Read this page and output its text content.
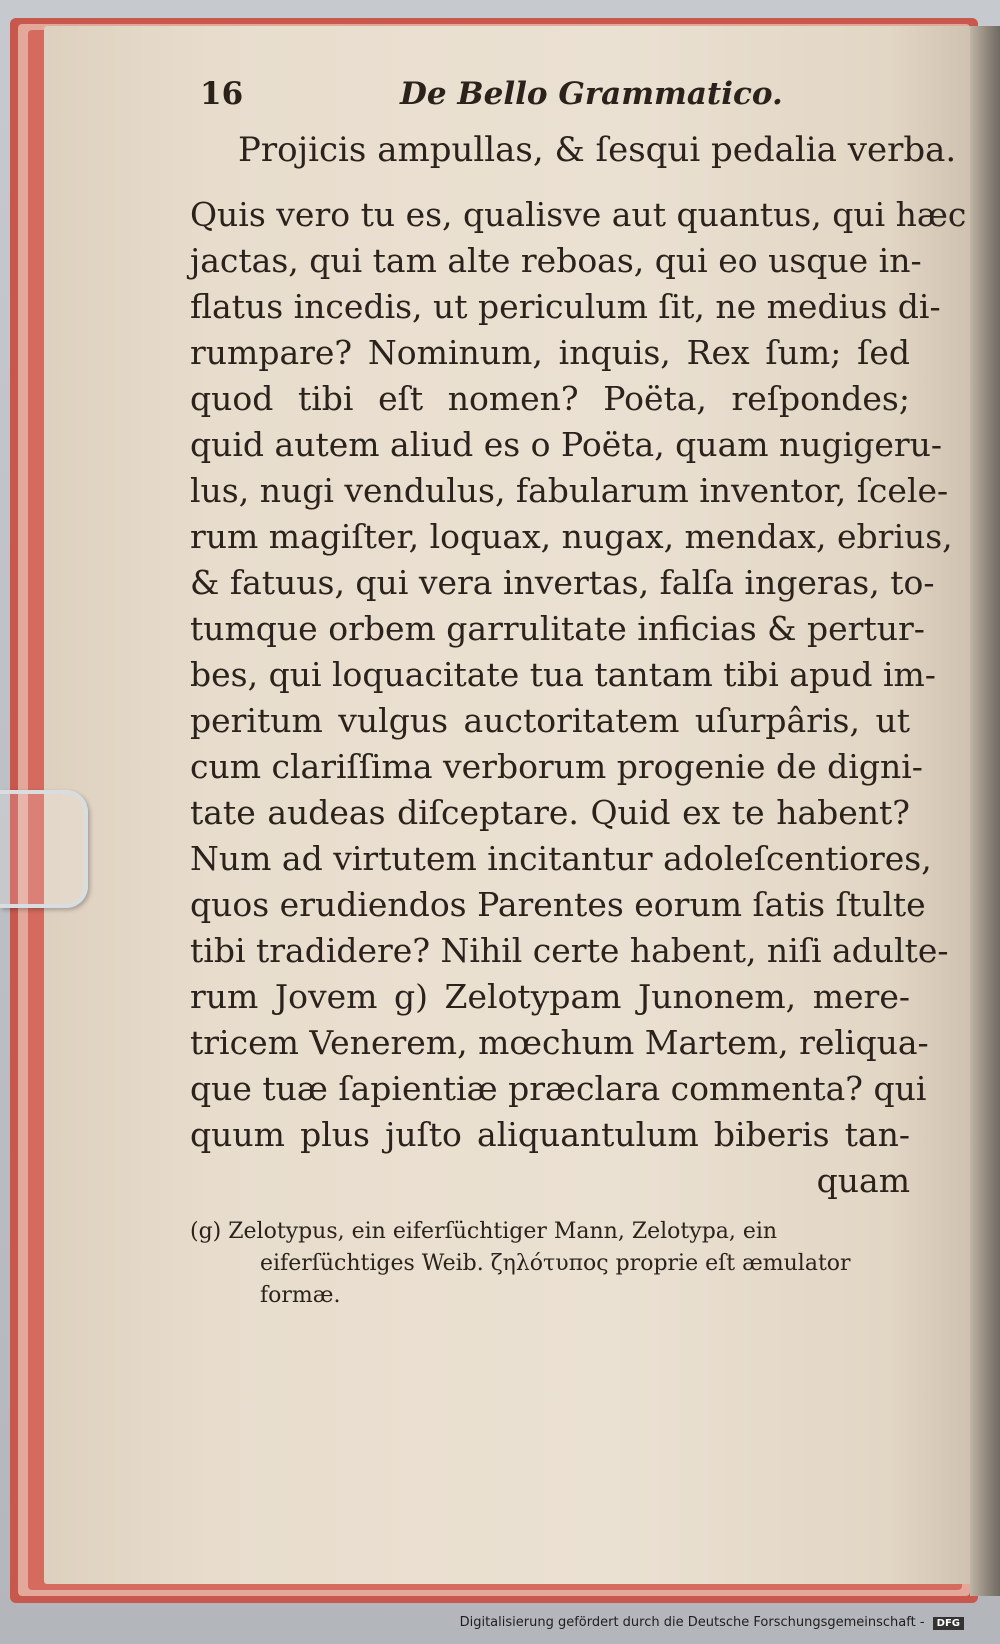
16	De Bello Grammatico.
Projicis ampullas, & ſesqui pedalia verba.
Quis vero tu es, qualisve aut quantus, qui hæc
jactas, qui tam alte reboas, qui eo usque in-
flatus incedis, ut periculum ſit, ne medius di-
rumpare? Nominum, inquis, Rex ſum; ſed
quod tibi eſt nomen? Poëta, reſpondes;
quid autem aliud es o Poëta, quam nugigeru-
lus, nugi vendulus, fabularum inventor, ſcele-
rum magiſter, loquax, nugax, mendax, ebrius,
& fatuus, qui vera invertas, falſa ingeras, to-
tumque orbem garrulitate inficias & pertur-
bes, qui loquacitate tua tantam tibi apud im-
peritum vulgus auctoritatem uſurpâris, ut
cum clariſſima verborum progenie de digni-
tate audeas diſceptare. Quid ex te habent?
Num ad virtutem incitantur adoleſcentiores,
quos erudiendos Parentes eorum ſatis ſtulte
tibi tradidere? Nihil certe habent, niſi adulte-
rum Jovem g) Zelotypam Junonem, mere-
tricem Venerem, mœchum Martem, reliqua-
que tuæ ſapientiæ præclara commenta? qui
quum plus juſto aliquantulum biberis tan-
quam
(g) Zelotypus, ein eiferſüchtiger Mann, Zelotypa, ein
eiferſüchtiges Weib. ζηλότυπος proprie eſt æmulator
formæ.
Digitalisierung gefördert durch die Deutsche Forschungsgemeinschaft - DFG
